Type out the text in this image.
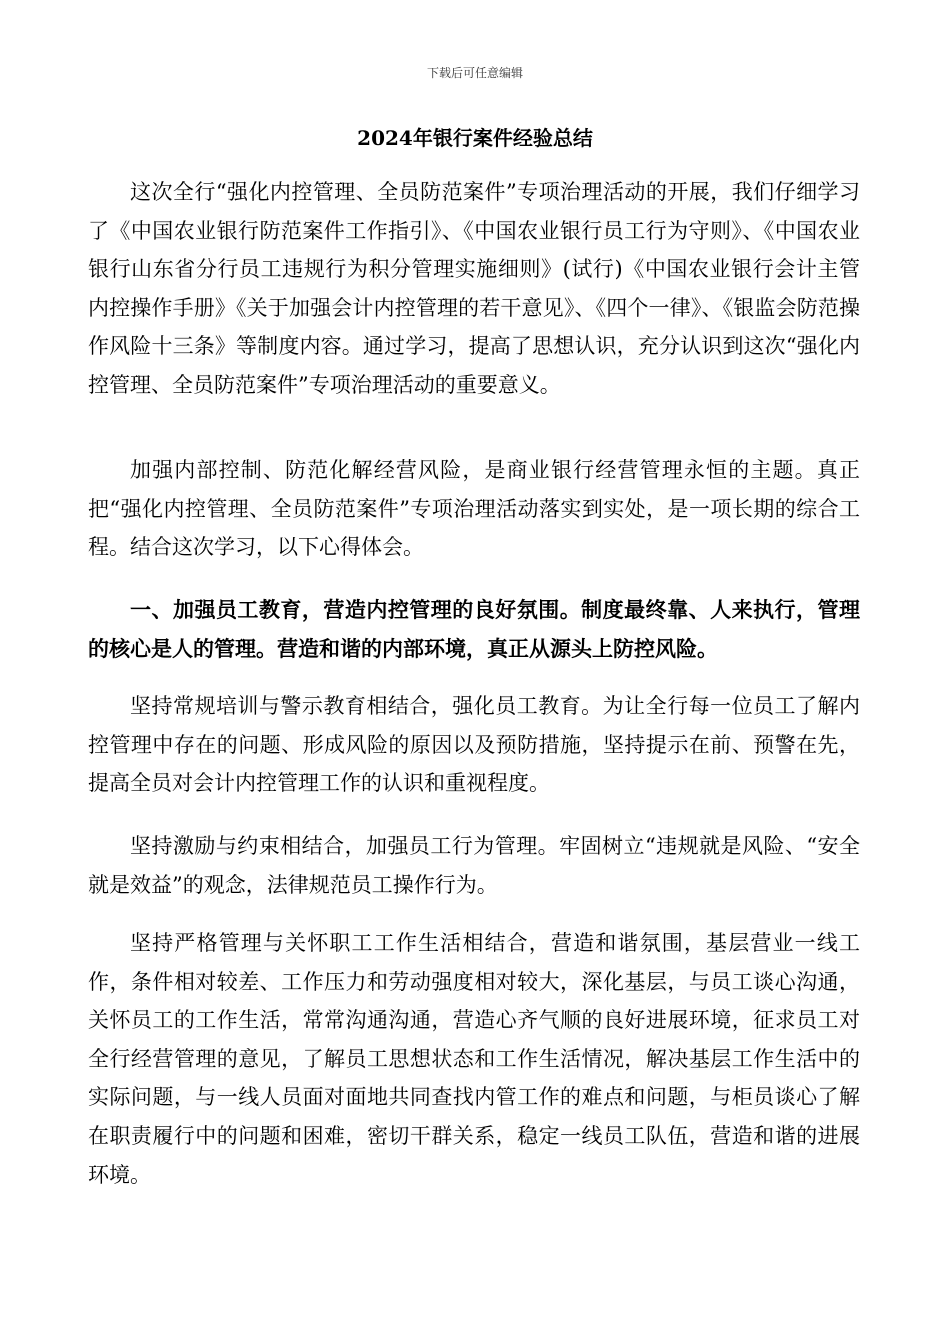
下载后可任意编辑
2024年银行案件经验总结

这次全行“强化内控管理、全员防范案件”专项治理活动的开展，我们仔细学习了《中国农业银行防范案件工作指引》、《中国农业银行员工行为守则》、《中国农业银行山东省分行员工违规行为积分管理实施细则》(试行)《中国农业银行会计主管内控操作手册》《关于加强会计内控管理的若干意见》、《四个一律》、《银监会防范操作风险十三条》等制度内容。通过学习，提高了思想认识，充分认识到这次“强化内控管理、全员防范案件”专项治理活动的重要意义。

加强内部控制、防范化解经营风险，是商业银行经营管理永恒的主题。真正把“强化内控管理、全员防范案件”专项治理活动落实到实处，是一项长期的综合工程。结合这次学习，以下心得体会。

一、加强员工教育，营造内控管理的良好氛围。制度最终靠、人来执行，管理的核心是人的管理。营造和谐的内部环境，真正从源头上防控风险。

坚持常规培训与警示教育相结合，强化员工教育。为让全行每一位员工了解内控管理中存在的问题、形成风险的原因以及预防措施，坚持提示在前、预警在先，提高全员对会计内控管理工作的认识和重视程度。

坚持激励与约束相结合，加强员工行为管理。牢固树立“违规就是风险、“安全就是效益”的观念，法律规范员工操作行为。

坚持严格管理与关怀职工工作生活相结合，营造和谐氛围，基层营业一线工作，条件相对较差、工作压力和劳动强度相对较大，深化基层，与员工谈心沟通，关怀员工的工作生活，常常沟通沟通，营造心齐气顺的良好进展环境，征求员工对全行经营管理的意见，了解员工思想状态和工作生活情况，解决基层工作生活中的实际问题，与一线人员面对面地共同查找内管工作的难点和问题，与柜员谈心了解在职责履行中的问题和困难，密切干群关系，稳定一线员工队伍，营造和谐的进展环境。
